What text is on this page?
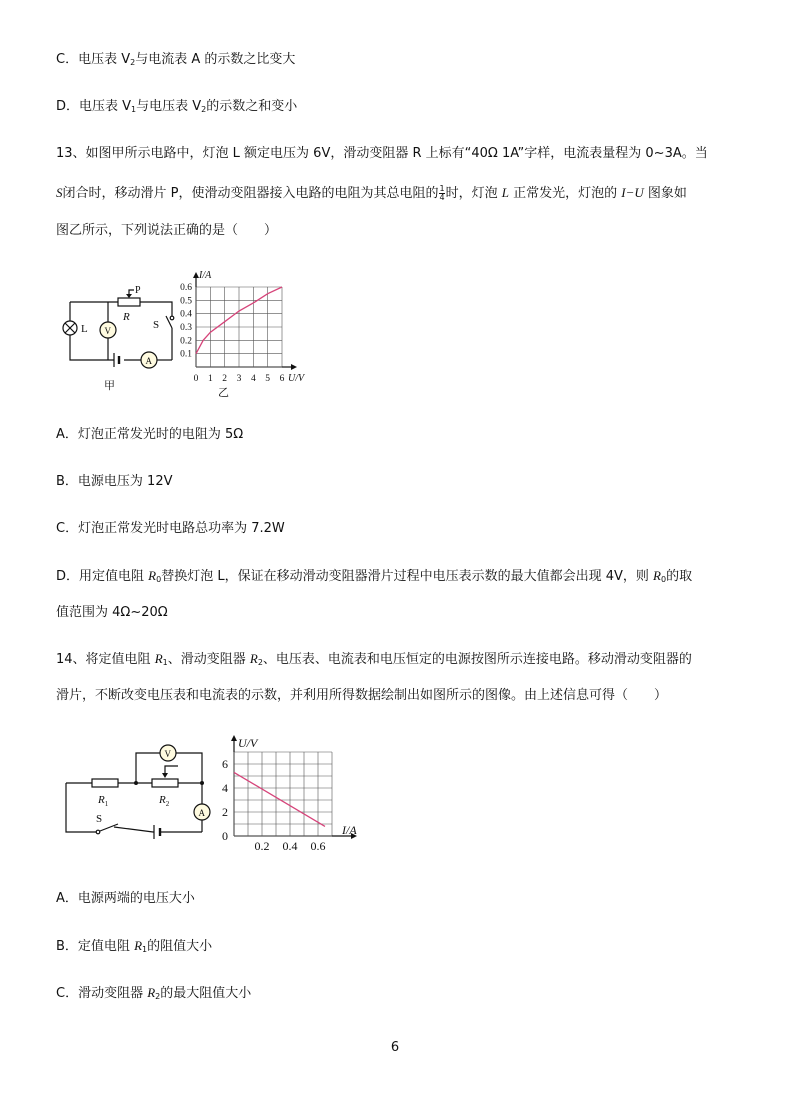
C．电压表 $V_2$与电流表 A 的示数之比变大
D．电压表 $V_1$与电压表 $V_2$的示数之和变小
13、如图甲所示电路中，灯泡 L 额定电压为 6V，滑动变阻器 R 上标有“40Ω 1A”字样，电流表量程为 0~3A。当
S闭合时，移动滑片 P，使滑动变阻器接入电路的电阻为其总电阻的 $\frac{1}{4}$ 时，灯泡 L 正常发光，灯泡的 I−U 图象如
图乙所示，下列说法正确的是（　　）
L V
A
S
P
R
甲
0.1
0.2
0.3
0.4
0.5
0.6
0 1 2 3 4 5 6
I/A
U/V
乙
A．灯泡正常发光时的电阻为 5Ω
B．电源电压为 12V
C．灯泡正常发光时电路总功率为 7.2W
D．用定值电阻 $R_0$替换灯泡 L，保证在移动滑动变阻器滑片过程中电压表示数的最大值都会出现 4V，则 $R_0$的取
值范围为 4Ω~20Ω
14、将定值电阻 $R_1$、滑动变阻器 $R_2$、电压表、电流表和电压恒定的电源按图所示连接电路。移动滑动变阻器的
滑片，不断改变电压表和电流表的示数，并利用所得数据绘制出如图所示的图像。由上述信息可得（　　）
V
A
$R_1$	$R_2$
S
0
2
4
6
0.2 0.4 0.6
U/V
I/A
A．电源两端的电压大小
B．定值电阻 $R_1$的阻值大小
C．滑动变阻器 $R_2$的最大阻值大小
6
